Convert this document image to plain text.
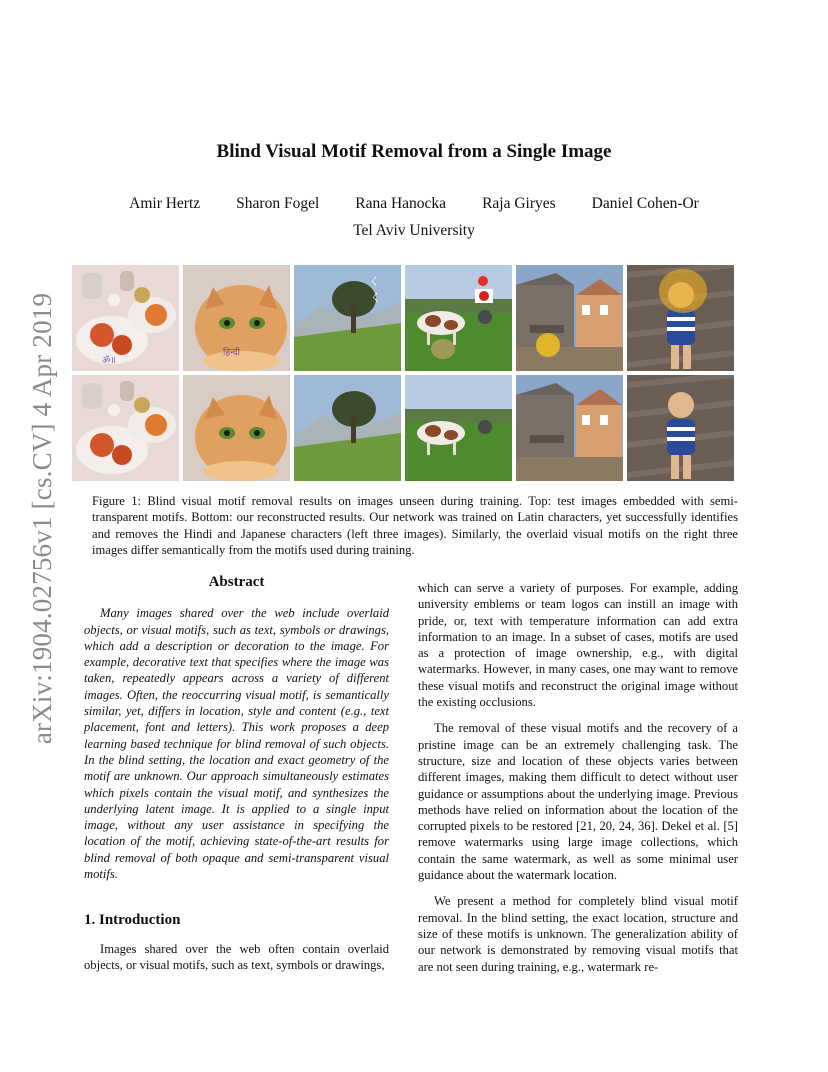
arXiv:1904.02756v1 [cs.CV] 4 Apr 2019
Blind Visual Motif Removal from a Single Image
Amir Hertz Sharon Fogel Rana Hanocka Raja Giryes Daniel Cohen-Or
Tel Aviv University
ॐ॥
हिन्दी
く
く
Figure 1: Blind visual motif removal results on images unseen during training. Top: test images embedded with semi-transparent motifs. Bottom: our reconstructed results. Our network was trained on Latin characters, yet successfully identifies and removes the Hindi and Japanese characters (left three images). Similarly, the overlaid visual motifs on the right three images differ semantically from the motifs used during training.
Abstract

Many images shared over the web include overlaid objects, or visual motifs, such as text, symbols or drawings, which add a description or decoration to the image. For example, decorative text that specifies where the image was taken, repeatedly appears across a variety of different images. Often, the reoccurring visual motif, is semantically similar, yet, differs in location, style and content (e.g., text placement, font and letters). This work proposes a deep learning based technique for blind removal of such objects. In the blind setting, the location and exact geometry of the motif are unknown. Our approach simultaneously estimates which pixels contain the visual motif, and synthesizes the underlying latent image. It is applied to a single input image, without any user assistance in specifying the location of the motif, achieving state-of-the-art results for blind removal of both opaque and semi-transparent visual motifs.

1. Introduction

Images shared over the web often contain overlaid objects, or visual motifs, such as text, symbols or drawings,

which can serve a variety of purposes. For example, adding university emblems or team logos can instill an image with pride, or, text with temperature information can add extra information to an image. In a subset of cases, motifs are used as a protection of image ownership, e.g., with digital watermarks. However, in many cases, one may want to remove these visual motifs and reconstruct the original image without the existing occlusions.

The removal of these visual motifs and the recovery of a pristine image can be an extremely challenging task. The structure, size and location of these objects varies between different images, making them difficult to detect without user guidance or assumptions about the underlying image. Previous methods have relied on information about the location of the corrupted pixels to be restored [21, 20, 24, 36]. Dekel et al. [5] remove watermarks using large image collections, which contain the same watermark, as well as some minimal user guidance about the watermark location.

We present a method for completely blind visual motif removal. In the blind setting, the exact location, structure and size of these motifs is unknown. The generalization ability of our network is demonstrated by removing visual motifs that are not seen during training, e.g., watermark re-
